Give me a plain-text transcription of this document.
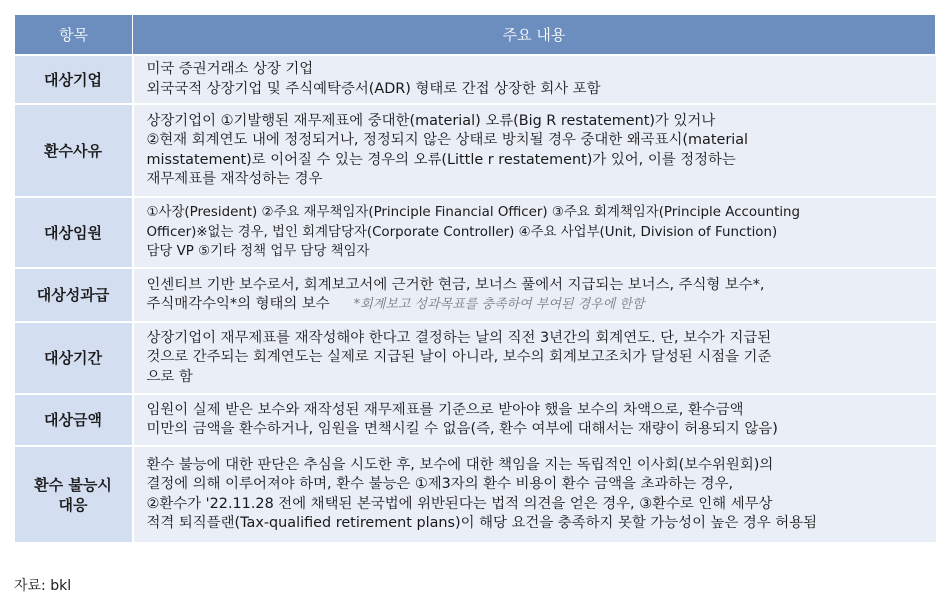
항목	주요 내용

대상기업	미국 증권거래소 상장 기업
외국국적 상장기업 및 주식예탁증서(ADR) 형태로 간접 상장한 회사 포함

환수사유	상장기업이 ①기발행된 재무제표에 중대한(material) 오류(Big R restatement)가 있거나
②현재 회계연도 내에 정정되거나, 정정되지 않은 상태로 방치될 경우 중대한 왜곡표시(material
misstatement)로 이어질 수 있는 경우의 오류(Little r restatement)가 있어, 이를 정정하는
재무제표를 재작성하는 경우

대상임원	①사장(President) ②주요 재무책임자(Principle Financial Officer) ③주요 회계책임자(Principle Accounting
Officer)※없는 경우, 법인 회계담당자(Corporate Controller) ④주요 사업부(Unit, Division of Function)
담당 VP ⑤기타 정책 업무 담당 책임자

대상성과급	인센티브 기반 보수로서, 회계보고서에 근거한 현금, 보너스 풀에서 지급되는 보너스, 주식형 보수*,
주식매각수익*의 형태의 보수 *회계보고 성과목표를 충족하여 부여된 경우에 한함

대상기간	상장기업이 재무제표를 재작성해야 한다고 결정하는 날의 직전 3년간의 회계연도. 단, 보수가 지급된
것으로 간주되는 회계연도는 실제로 지급된 날이 아니라, 보수의 회계보고조치가 달성된 시점을 기준
으로 함

대상금액	임원이 실제 받은 보수와 재작성된 재무제표를 기준으로 받아야 했을 보수의 차액으로, 환수금액
미만의 금액을 환수하거나, 임원을 면책시킬 수 없음(즉, 환수 여부에 대해서는 재량이 허용되지 않음)

환수 불능시
대응	환수 불능에 대한 판단은 추심을 시도한 후, 보수에 대한 책임을 지는 독립적인 이사회(보수위원회)의
결정에 의해 이루어져야 하며, 환수 불능은 ①제3자의 환수 비용이 환수 금액을 초과하는 경우,
②환수가 '22.11.28 전에 채택된 본국법에 위반된다는 법적 의견을 얻은 경우, ③환수로 인해 세무상
적격 퇴직플랜(Tax-qualified retirement plans)이 해당 요건을 충족하지 못할 가능성이 높은 경우 허용됨
자료: bkl
